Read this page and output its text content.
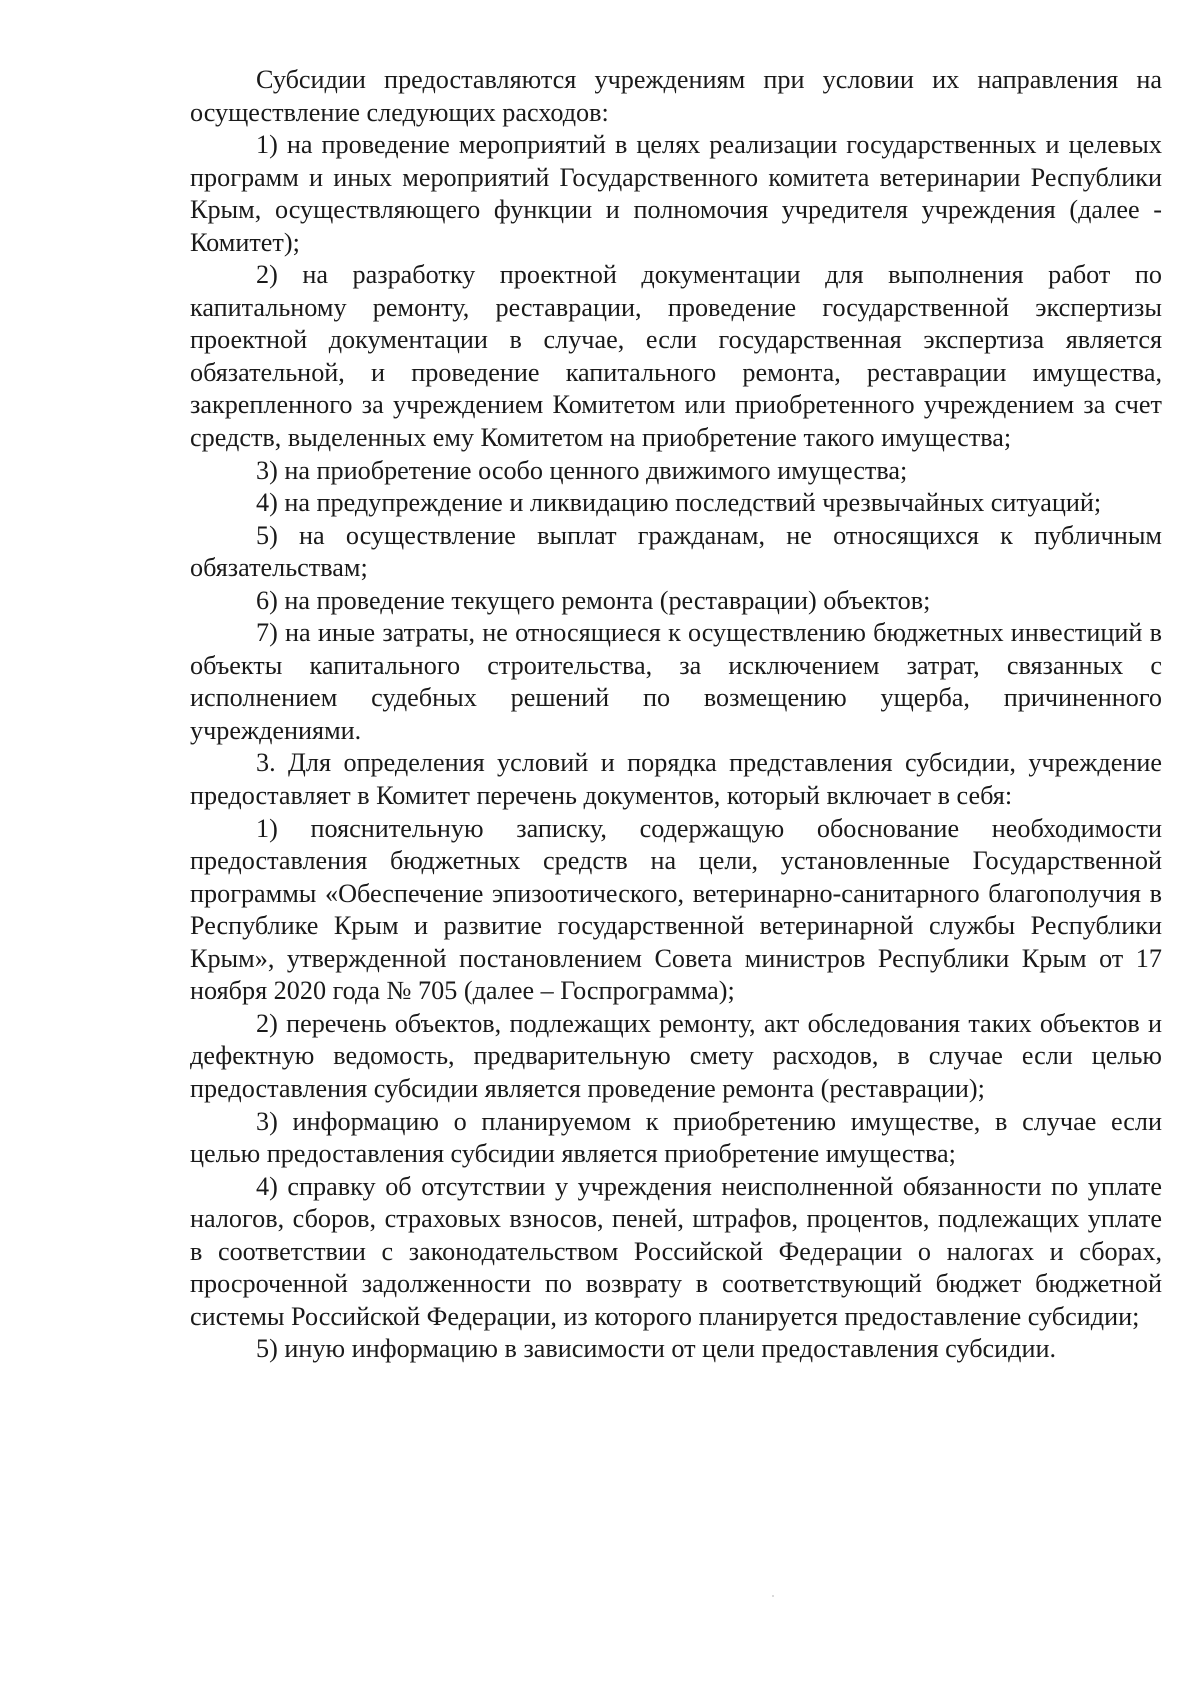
Субсидии предоставляются учреждениям при условии их направления на осуществление следующих расходов:

1) на проведение мероприятий в целях реализации государственных и целевых программ и иных мероприятий Государственного комитета ветеринарии Республики Крым, осуществляющего функции и полномочия учредителя учреждения (далее - Комитет);

2) на разработку проектной документации для выполнения работ по капитальному ремонту, реставрации, проведение государственной экспертизы проектной документации в случае, если государственная экспертиза является обязательной, и проведение капитального ремонта, реставрации имущества, закрепленного за учреждением Комитетом или приобретенного учреждением за счет средств, выделенных ему Комитетом на приобретение такого имущества;

3) на приобретение особо ценного движимого имущества;

4) на предупреждение и ликвидацию последствий чрезвычайных ситуаций;

5) на осуществление выплат гражданам, не относящихся к публичным обязательствам;

6) на проведение текущего ремонта (реставрации) объектов;

7) на иные затраты, не относящиеся к осуществлению бюджетных инвестиций в объекты капитального строительства, за исключением затрат, связанных с исполнением судебных решений по возмещению ущерба, причиненного учреждениями.

3. Для определения условий и порядка представления субсидии, учреждение предоставляет в Комитет перечень документов, который включает в себя:

1) пояснительную записку, содержащую обоснование необходимости предоставления бюджетных средств на цели, установленные Государственной программы «Обеспечение эпизоотического, ветеринарно-санитарного благополучия в Республике Крым и развитие государственной ветеринарной службы Республики Крым», утвержденной постановлением Совета министров Республики Крым от 17 ноября 2020 года № 705 (далее – Госпрограмма);

2) перечень объектов, подлежащих ремонту, акт обследования таких объектов и дефектную ведомость, предварительную смету расходов, в случае если целью предоставления субсидии является проведение ремонта (реставрации);

3) информацию о планируемом к приобретению имуществе, в случае если целью предоставления субсидии является приобретение имущества;

4) справку об отсутствии у учреждения неисполненной обязанности по уплате налогов, сборов, страховых взносов, пеней, штрафов, процентов, подлежащих уплате в соответствии с законодательством Российской Федерации о налогах и сборах, просроченной задолженности по возврату в соответствующий бюджет бюджетной системы Российской Федерации, из которого планируется предоставление субсидии;

5) иную информацию в зависимости от цели предоставления субсидии.
